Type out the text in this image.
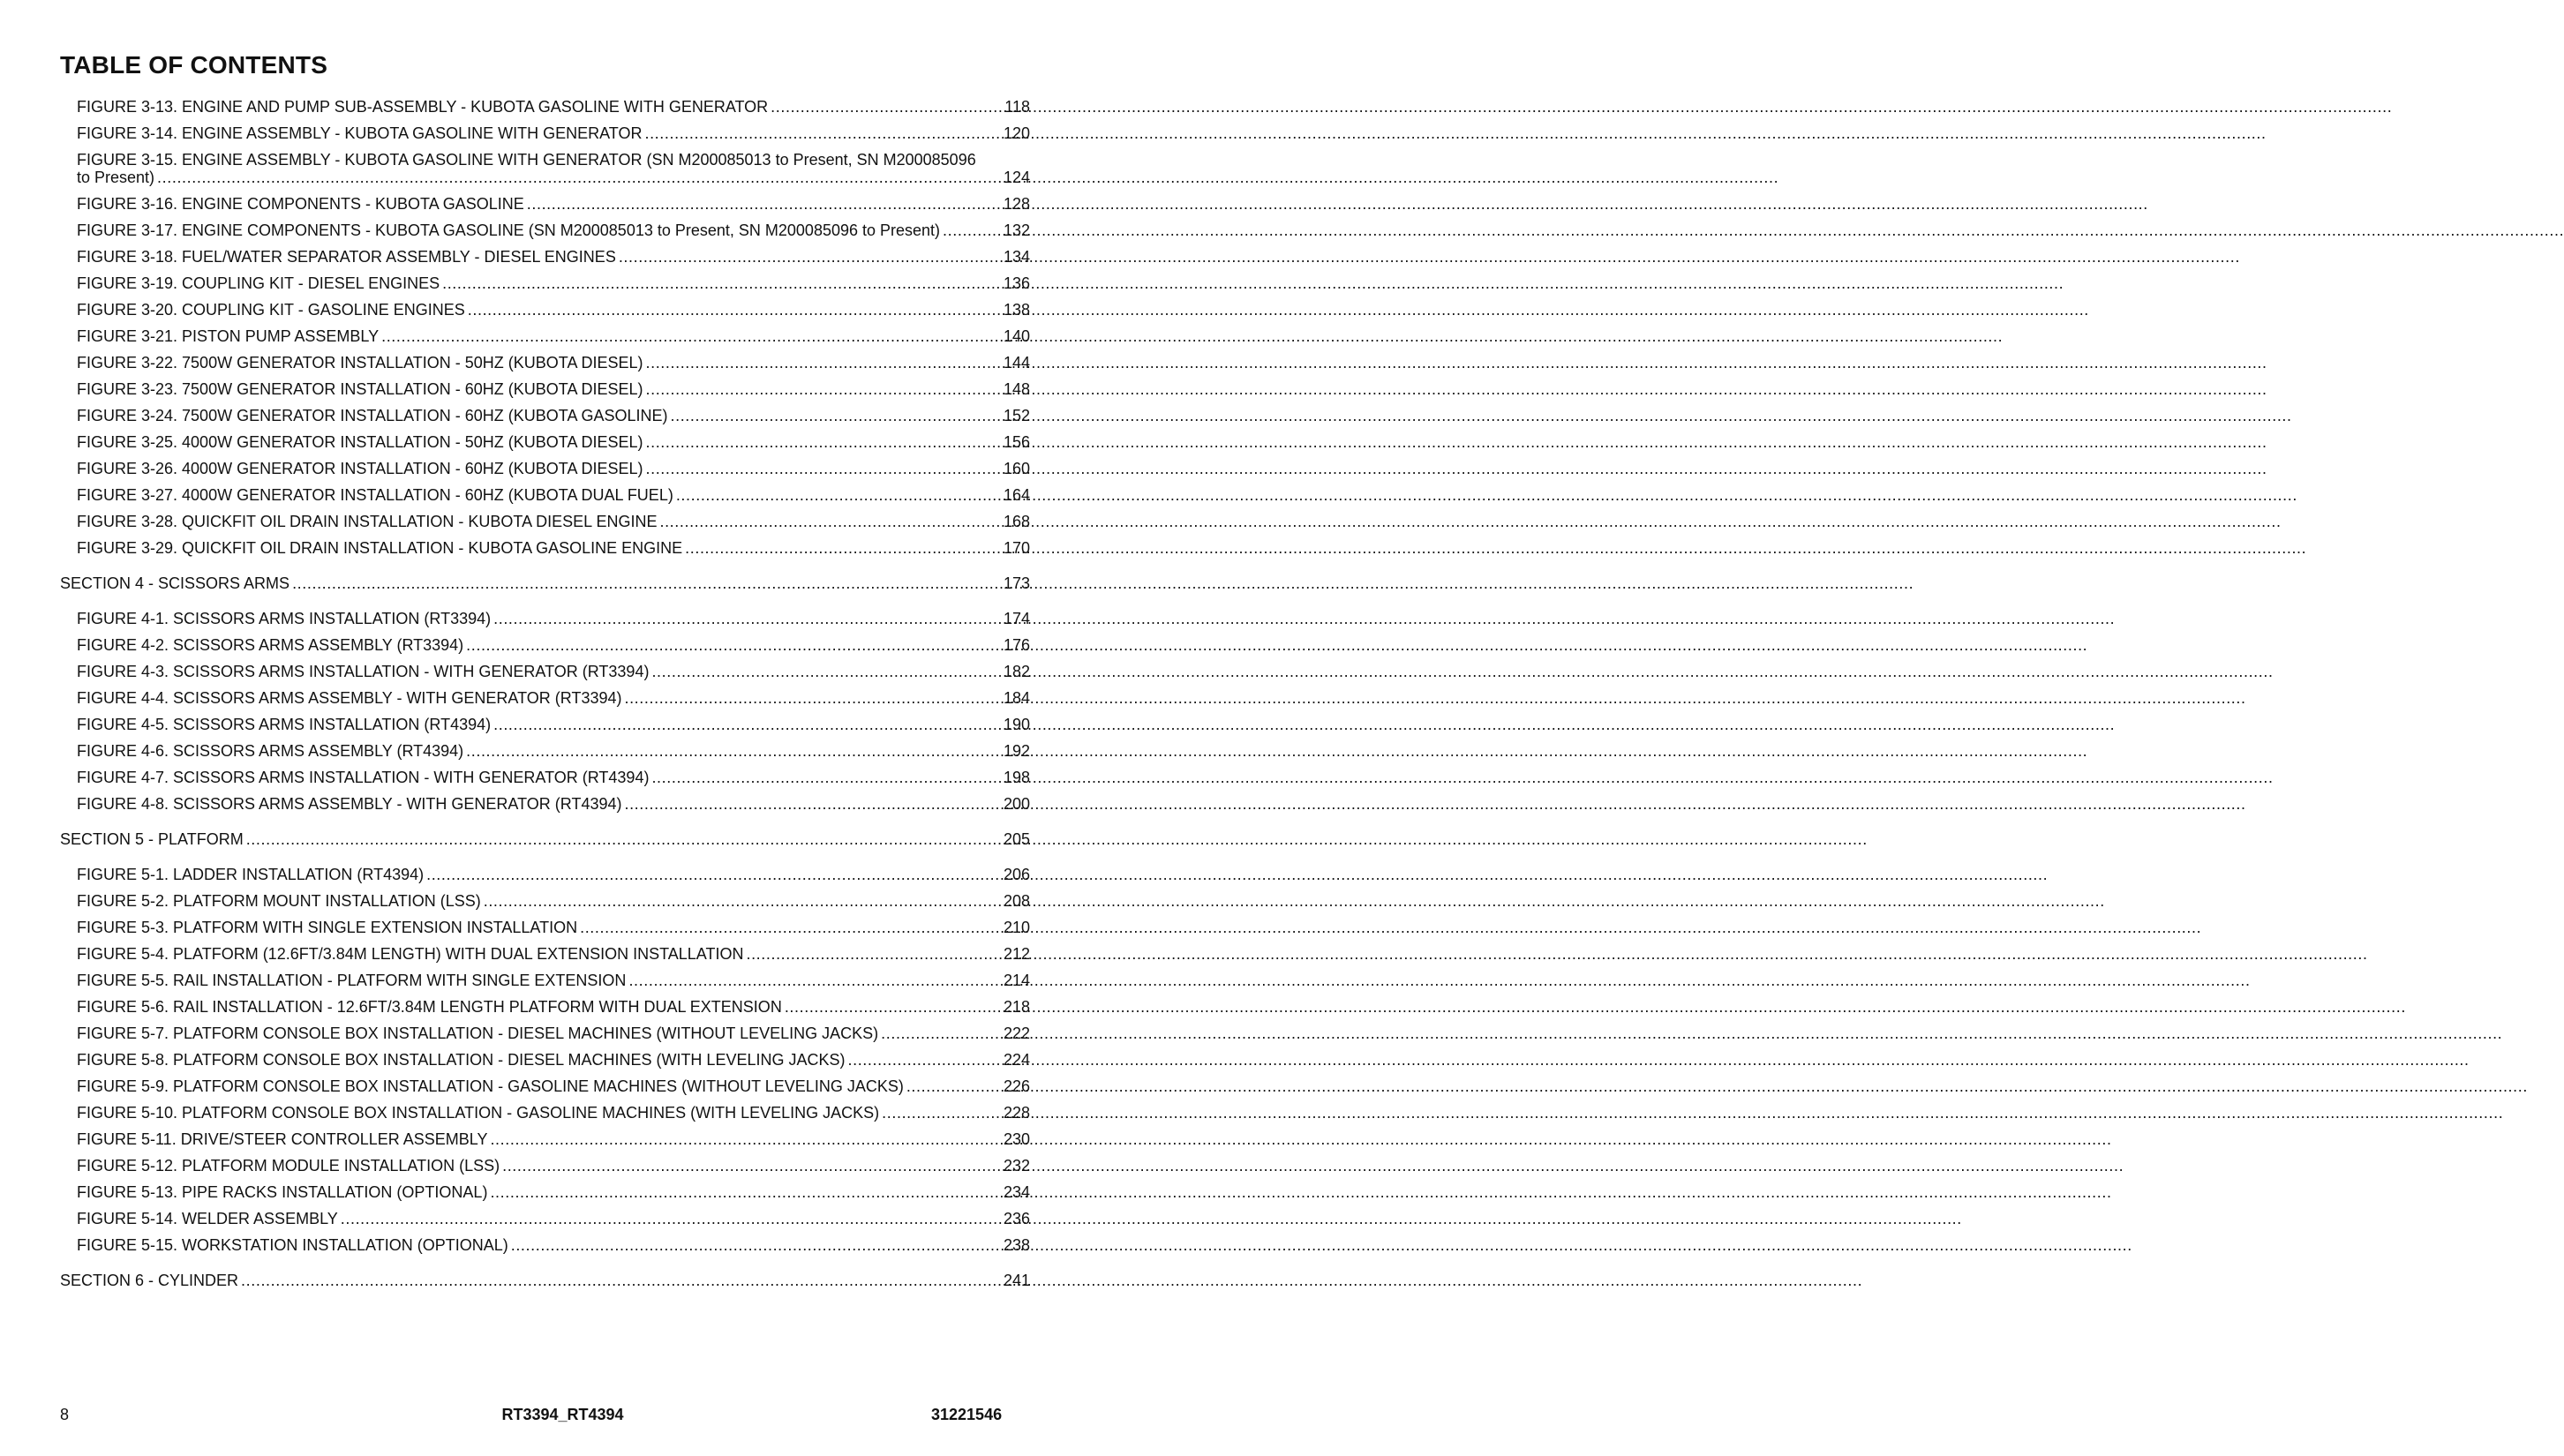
TABLE OF CONTENTS
FIGURE 3-13. ENGINE AND PUMP SUB-ASSEMBLY - KUBOTA GASOLINE WITH GENERATOR .....	118
FIGURE 3-14. ENGINE ASSEMBLY - KUBOTA GASOLINE WITH GENERATOR .....	120
FIGURE 3-15. ENGINE ASSEMBLY - KUBOTA GASOLINE WITH GENERATOR (SN M200085013 to Present, SN M200085096
to Present) .....	124
FIGURE 3-16. ENGINE COMPONENTS - KUBOTA GASOLINE .....	128
FIGURE 3-17. ENGINE COMPONENTS - KUBOTA GASOLINE (SN M200085013 to Present, SN M200085096 to Present) .....	132
FIGURE 3-18. FUEL/WATER SEPARATOR ASSEMBLY - DIESEL ENGINES .....	134
FIGURE 3-19. COUPLING KIT - DIESEL ENGINES .....	136
FIGURE 3-20. COUPLING KIT - GASOLINE ENGINES .....	138
FIGURE 3-21. PISTON PUMP ASSEMBLY .....	140
FIGURE 3-22. 7500W GENERATOR INSTALLATION - 50HZ (KUBOTA DIESEL) .....	144
FIGURE 3-23. 7500W GENERATOR INSTALLATION - 60HZ (KUBOTA DIESEL) .....	148
FIGURE 3-24. 7500W GENERATOR INSTALLATION - 60HZ (KUBOTA GASOLINE) .....	152
FIGURE 3-25. 4000W GENERATOR INSTALLATION - 50HZ (KUBOTA DIESEL) .....	156
FIGURE 3-26. 4000W GENERATOR INSTALLATION - 60HZ (KUBOTA DIESEL) .....	160
FIGURE 3-27. 4000W GENERATOR INSTALLATION - 60HZ (KUBOTA DUAL FUEL) .....	164
FIGURE 3-28. QUICKFIT OIL DRAIN INSTALLATION - KUBOTA DIESEL ENGINE .....	168
FIGURE 3-29. QUICKFIT OIL DRAIN INSTALLATION - KUBOTA GASOLINE ENGINE .....	170
SECTION 4 - SCISSORS ARMS .....	173
FIGURE 4-1. SCISSORS ARMS INSTALLATION (RT3394) .....	174
FIGURE 4-2. SCISSORS ARMS ASSEMBLY (RT3394) .....	176
FIGURE 4-3. SCISSORS ARMS INSTALLATION - WITH GENERATOR (RT3394) .....	182
FIGURE 4-4. SCISSORS ARMS ASSEMBLY - WITH GENERATOR (RT3394) .....	184
FIGURE 4-5. SCISSORS ARMS INSTALLATION (RT4394) .....	190
FIGURE 4-6. SCISSORS ARMS ASSEMBLY (RT4394) .....	192
FIGURE 4-7. SCISSORS ARMS INSTALLATION - WITH GENERATOR (RT4394) .....	198
FIGURE 4-8. SCISSORS ARMS ASSEMBLY - WITH GENERATOR (RT4394) .....	200
SECTION 5 - PLATFORM .....	205
FIGURE 5-1. LADDER INSTALLATION (RT4394) .....	206
FIGURE 5-2. PLATFORM MOUNT INSTALLATION (LSS) .....	208
FIGURE 5-3. PLATFORM WITH SINGLE EXTENSION INSTALLATION .....	210
FIGURE 5-4. PLATFORM (12.6FT/3.84M LENGTH) WITH DUAL EXTENSION INSTALLATION .....	212
FIGURE 5-5. RAIL INSTALLATION - PLATFORM WITH SINGLE EXTENSION .....	214
FIGURE 5-6. RAIL INSTALLATION - 12.6FT/3.84M LENGTH PLATFORM WITH DUAL EXTENSION .....	218
FIGURE 5-7. PLATFORM CONSOLE BOX INSTALLATION - DIESEL MACHINES (WITHOUT LEVELING JACKS) .....	222
FIGURE 5-8. PLATFORM CONSOLE BOX INSTALLATION - DIESEL MACHINES (WITH LEVELING JACKS) .....	224
FIGURE 5-9. PLATFORM CONSOLE BOX INSTALLATION - GASOLINE MACHINES (WITHOUT LEVELING JACKS) .....	226
FIGURE 5-10. PLATFORM CONSOLE BOX INSTALLATION - GASOLINE MACHINES (WITH LEVELING JACKS) .....	228
FIGURE 5-11. DRIVE/STEER CONTROLLER ASSEMBLY .....	230
FIGURE 5-12. PLATFORM MODULE INSTALLATION (LSS) .....	232
FIGURE 5-13. PIPE RACKS INSTALLATION (OPTIONAL) .....	234
FIGURE 5-14. WELDER ASSEMBLY .....	236
FIGURE 5-15. WORKSTATION INSTALLATION (OPTIONAL) .....	238
SECTION 6 - CYLINDER .....	241
8	RT3394_RT4394	31221546
